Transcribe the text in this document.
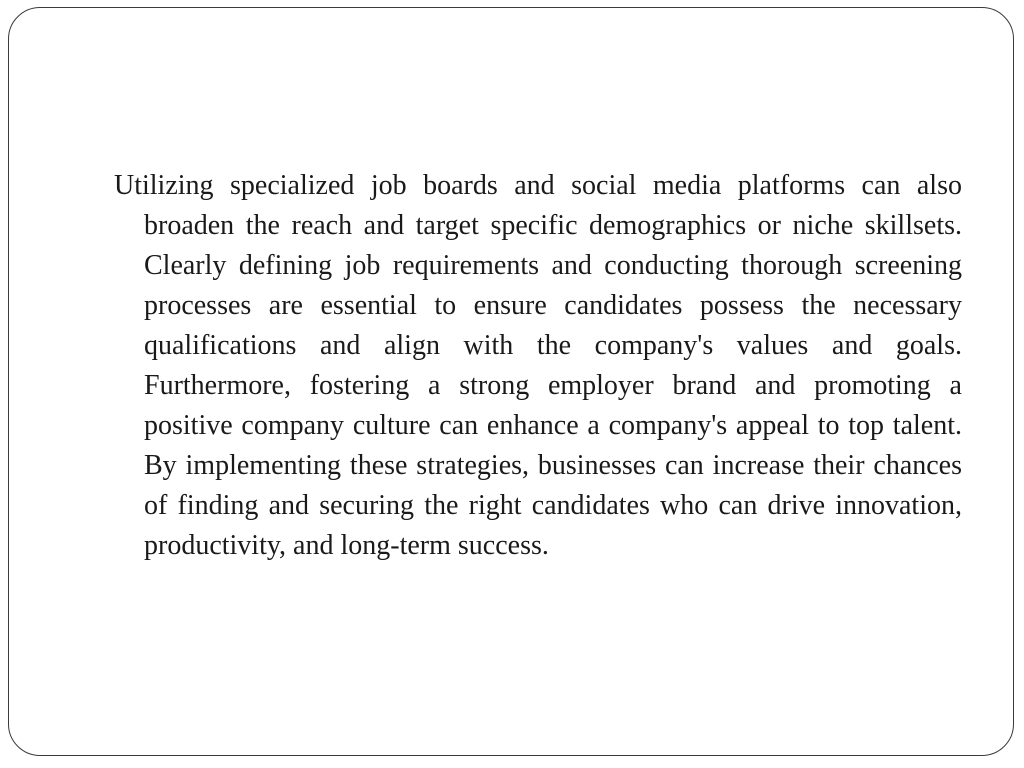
Utilizing specialized job boards and social media platforms can also broaden the reach and target specific demographics or niche skillsets. Clearly defining job requirements and conducting thorough screening processes are essential to ensure candidates possess the necessary qualifications and align with the company's values and goals. Furthermore, fostering a strong employer brand and promoting a positive company culture can enhance a company's appeal to top talent. By implementing these strategies, businesses can increase their chances of finding and securing the right candidates who can drive innovation, productivity, and long-term success.
